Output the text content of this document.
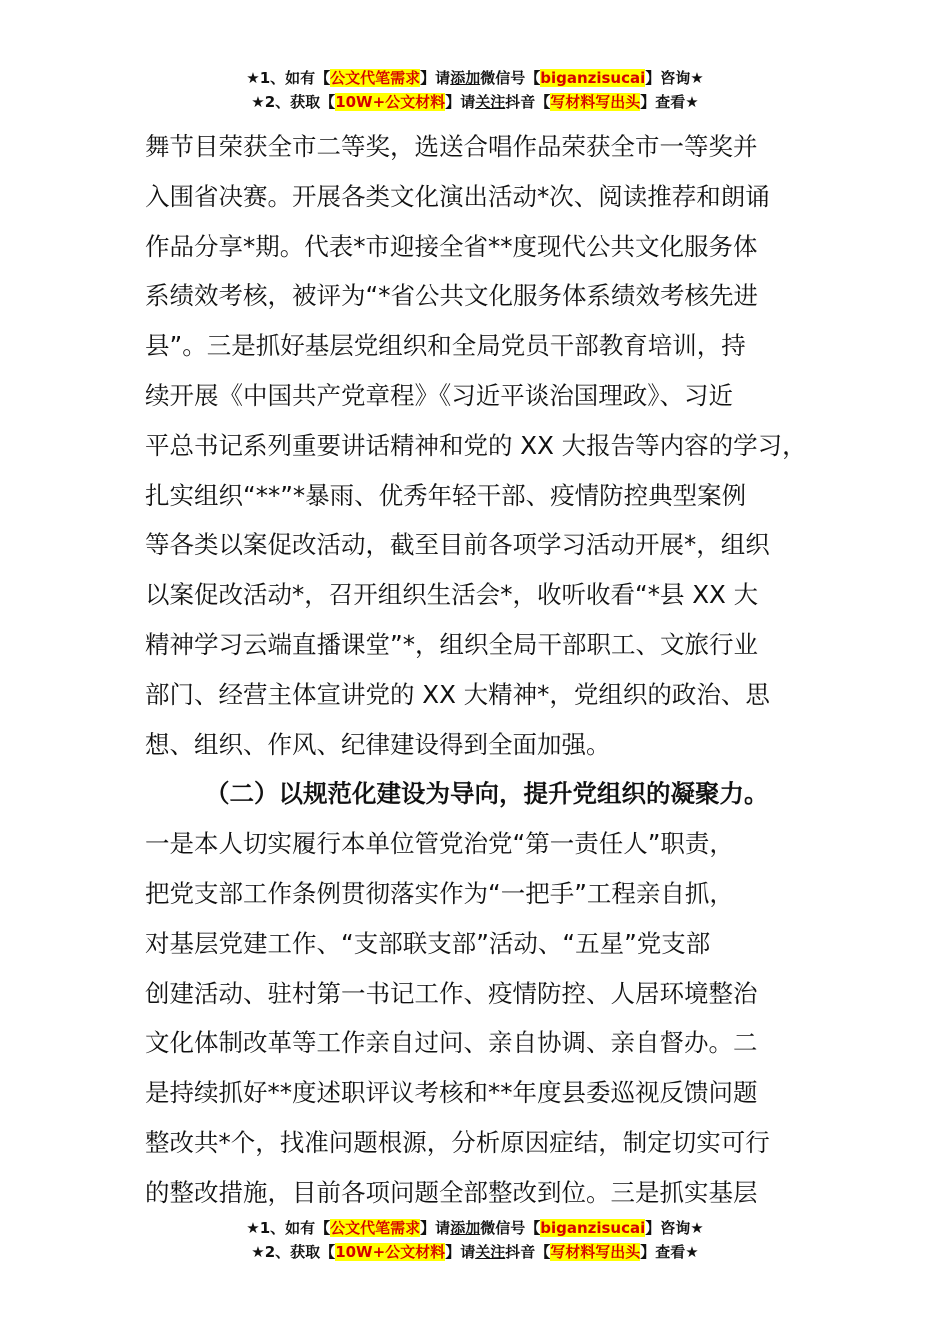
★1、如有【公文代笔需求】请添加微信号【biganzisucai】咨询★
★2、获取【10W+公文材料】请关注抖音【写材料写出头】查看★
舞节目荣获全市二等奖，选送合唱作品荣获全市一等奖并
入围省决赛。开展各类文化演出活动*次、阅读推荐和朗诵
作品分享*期。代表*市迎接全省**度现代公共文化服务体
系绩效考核，被评为“*省公共文化服务体系绩效考核先进
县”。三是抓好基层党组织和全局党员干部教育培训，持
续开展《中国共产党章程》《习近平谈治国理政》、习近
平总书记系列重要讲话精神和党的 XX 大报告等内容的学习，
扎实组织“**”*暴雨、优秀年轻干部、疫情防控典型案例
等各类以案促改活动，截至目前各项学习活动开展*，组织
以案促改活动*，召开组织生活会*，收听收看“*县 XX 大
精神学习云端直播课堂”*，组织全局干部职工、文旅行业
部门、经营主体宣讲党的 XX 大精神*，党组织的政治、思
想、组织、作风、纪律建设得到全面加强。
（二）以规范化建设为导向，提升党组织的凝聚力。
一是本人切实履行本单位管党治党“第一责任人”职责，
把党支部工作条例贯彻落实作为“一把手”工程亲自抓，
对基层党建工作、“支部联支部”活动、“五星”党支部
创建活动、驻村第一书记工作、疫情防控、人居环境整治
文化体制改革等工作亲自过问、亲自协调、亲自督办。二
是持续抓好**度述职评议考核和**年度县委巡视反馈问题
整改共*个，找准问题根源，分析原因症结，制定切实可行
的整改措施，目前各项问题全部整改到位。三是抓实基层
★1、如有【公文代笔需求】请添加微信号【biganzisucai】咨询★
★2、获取【10W+公文材料】请关注抖音【写材料写出头】查看★
